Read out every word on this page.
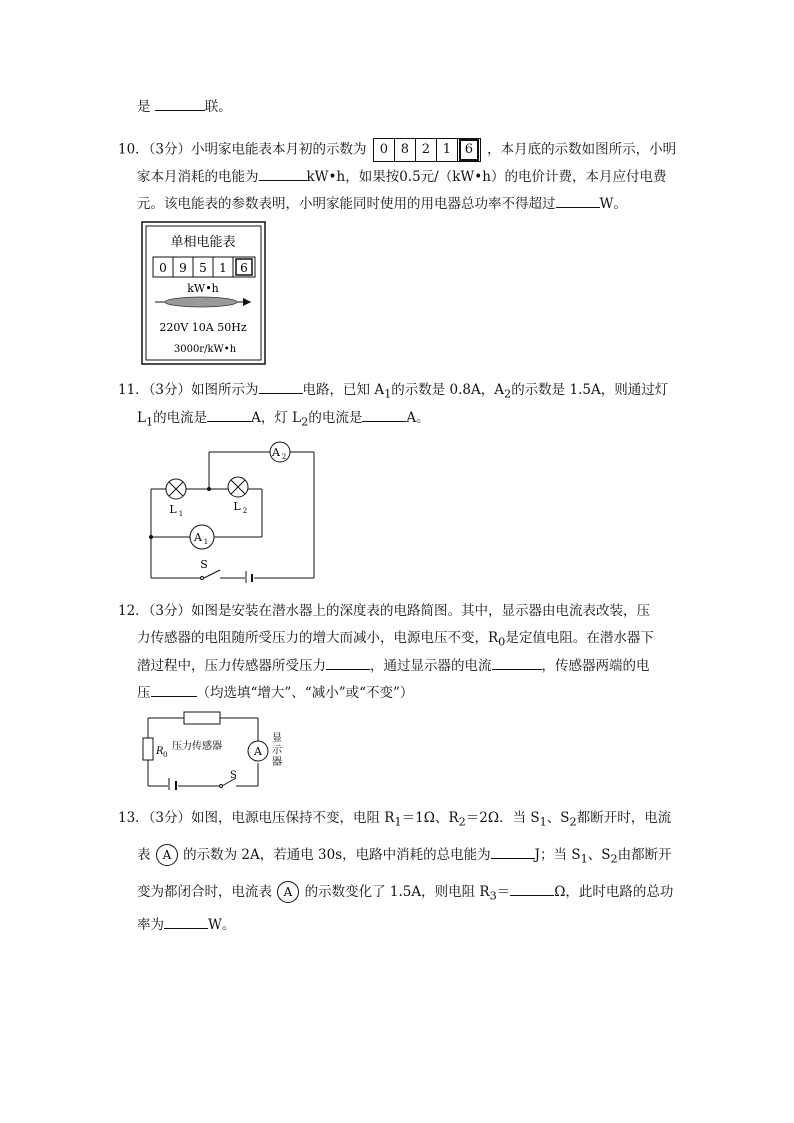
是	联。
10．（3分）小明家电能表本月初的示数为	0 8 2 1	6	，本月底的示数如图所示，小明
家本月消耗的电能为	kW•h，如果按0.5元/（kW•h）的电价计费，本月应付电费
元。该电能表的参数表明，小明家能同时使用的用电器总功率不得超过	W。
单相电能表
0 9 5 1 6
kW•h
220V 10A 50Hz
3000r/kW•h
11．（3分）如图所示为	电路，已知 $A_1$的示数是 0.8A，$A_2$的示数是 1.5A，则通过灯
$L_1$的电流是	A，灯 $L_2$的电流是	A。
A 2
A 1
L 1
L 2
S
12．（3分）如图是安装在潜水器上的深度表的电路简图。其中，显示器由电流表改装，压
力传感器的电阻随所受压力的增大而减小，电源电压不变，$R_0$是定值电阻。在潜水器下
潜过程中，压力传感器所受压力	，通过显示器的电流	，传感器两端的电
压	（均选填“增大”、“减小”或“不变”）
A
R 0
压力传感器
S
显
示
器
13．（3分）如图，电源电压保持不变，电阻 $R_1=1\Omega$、$R_2=2\Omega$．当 $S_1$、$S_2$都断开时，电流
表 A 的示数为 2A，若通电 30s，电路中消耗的总电能为	J；当 $S_1$、$S_2$由都断开
变为都闭合时，电流表 A 的示数变化了 1.5A，则电阻 $R_3=$	Ω，此时电路的总功
率为	W。
